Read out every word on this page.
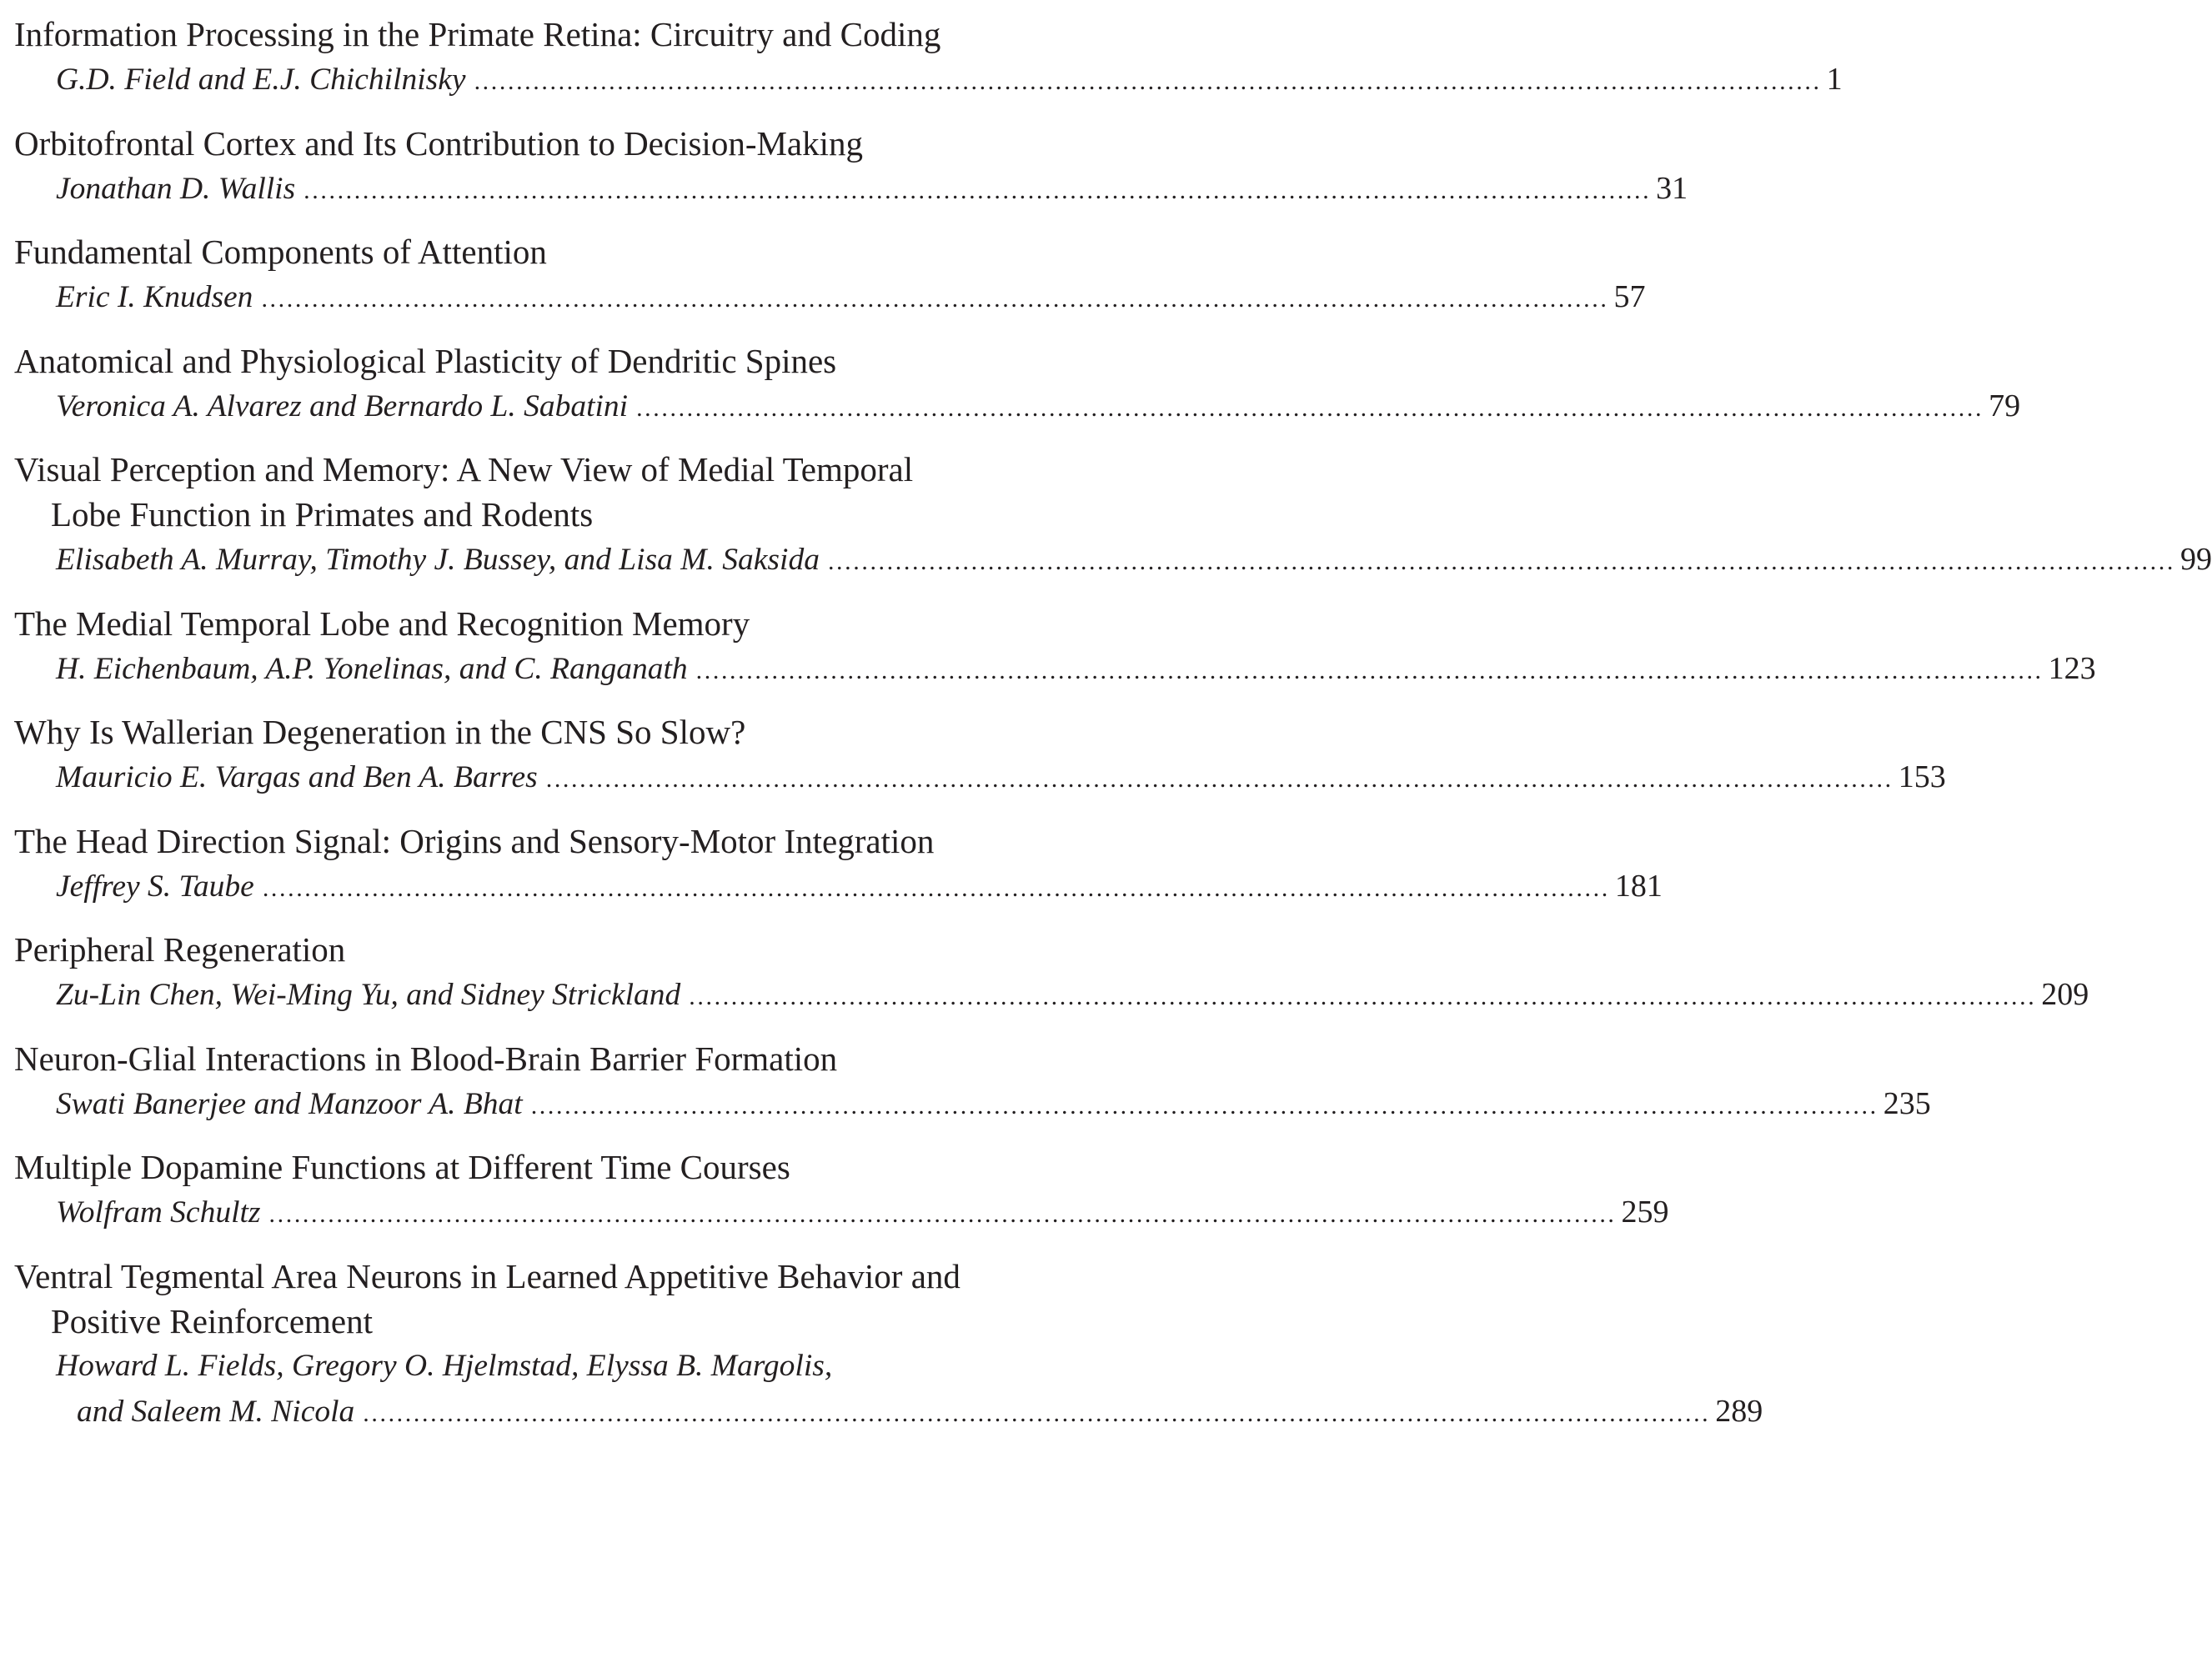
Information Processing in the Primate Retina: Circuitry and Coding
G.D. Field and E.J. Chichilnisky ................................................................................................................................................................ 1
Orbitofrontal Cortex and Its Contribution to Decision-Making
Jonathan D. Wallis ................................................................................................................................................................ 31
Fundamental Components of Attention
Eric I. Knudsen ................................................................................................................................................................ 57
Anatomical and Physiological Plasticity of Dendritic Spines
Veronica A. Alvarez and Bernardo L. Sabatini ................................................................................................................................................................ 79
Visual Perception and Memory: A New View of Medial Temporal
Lobe Function in Primates and Rodents
Elisabeth A. Murray, Timothy J. Bussey, and Lisa M. Saksida ................................................................................................................................................................ 99
The Medial Temporal Lobe and Recognition Memory
H. Eichenbaum, A.P. Yonelinas, and C. Ranganath ................................................................................................................................................................ 123
Why Is Wallerian Degeneration in the CNS So Slow?
Mauricio E. Vargas and Ben A. Barres ................................................................................................................................................................ 153
The Head Direction Signal: Origins and Sensory-Motor Integration
Jeffrey S. Taube ................................................................................................................................................................ 181
Peripheral Regeneration
Zu-Lin Chen, Wei-Ming Yu, and Sidney Strickland ................................................................................................................................................................ 209
Neuron-Glial Interactions in Blood-Brain Barrier Formation
Swati Banerjee and Manzoor A. Bhat ................................................................................................................................................................ 235
Multiple Dopamine Functions at Different Time Courses
Wolfram Schultz ................................................................................................................................................................ 259
Ventral Tegmental Area Neurons in Learned Appetitive Behavior and
Positive Reinforcement
Howard L. Fields, Gregory O. Hjelmstad, Elyssa B. Margolis,
and Saleem M. Nicola ................................................................................................................................................................ 289
